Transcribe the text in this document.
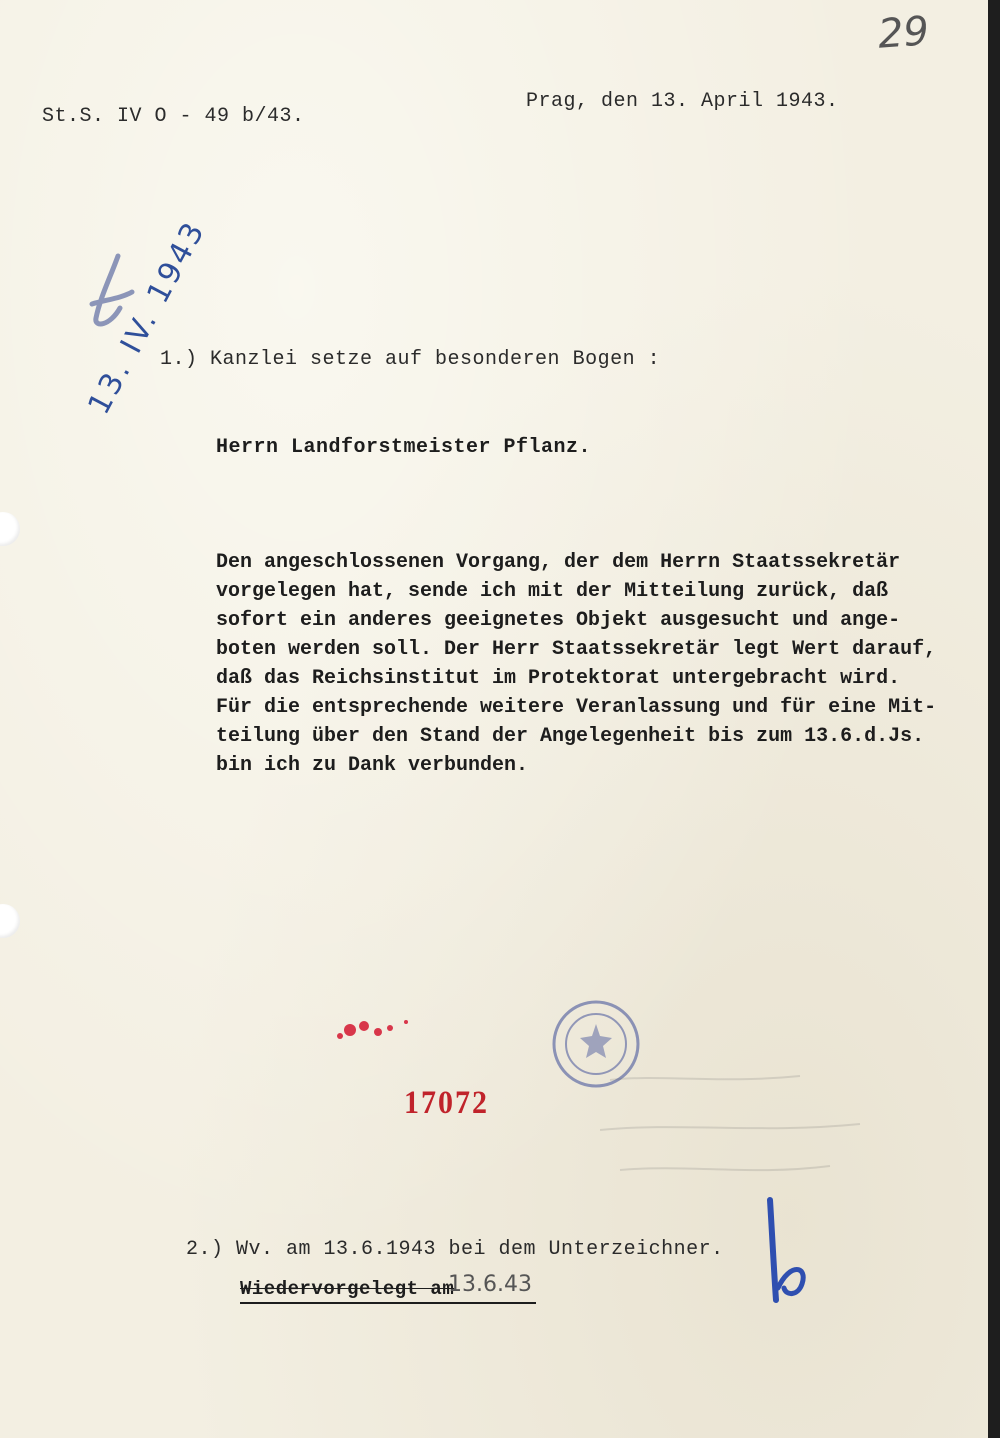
29
St.S. IV O - 49 b/43.
Prag, den 13. April 1943.
13. IV. 1943
1.) Kanzlei setze auf besonderen Bogen :
Herrn Landforstmeister Pflanz.
Den angeschlossenen Vorgang, der dem Herrn Staatssekretär
vorgelegen hat, sende ich mit der Mitteilung zurück, daß
sofort ein anderes geeignetes Objekt ausgesucht und ange-
boten werden soll. Der Herr Staatssekretär legt Wert darauf,
daß das Reichsinstitut im Protektorat untergebracht wird.
Für die entsprechende weitere Veranlassung und für eine Mit-
teilung über den Stand der Angelegenheit bis zum 13.6.d.Js.
bin ich zu Dank verbunden.
17072
2.) Wv. am 13.6.1943 bei dem Unterzeichner.
Wiedervorgelegt am
13.6.43
